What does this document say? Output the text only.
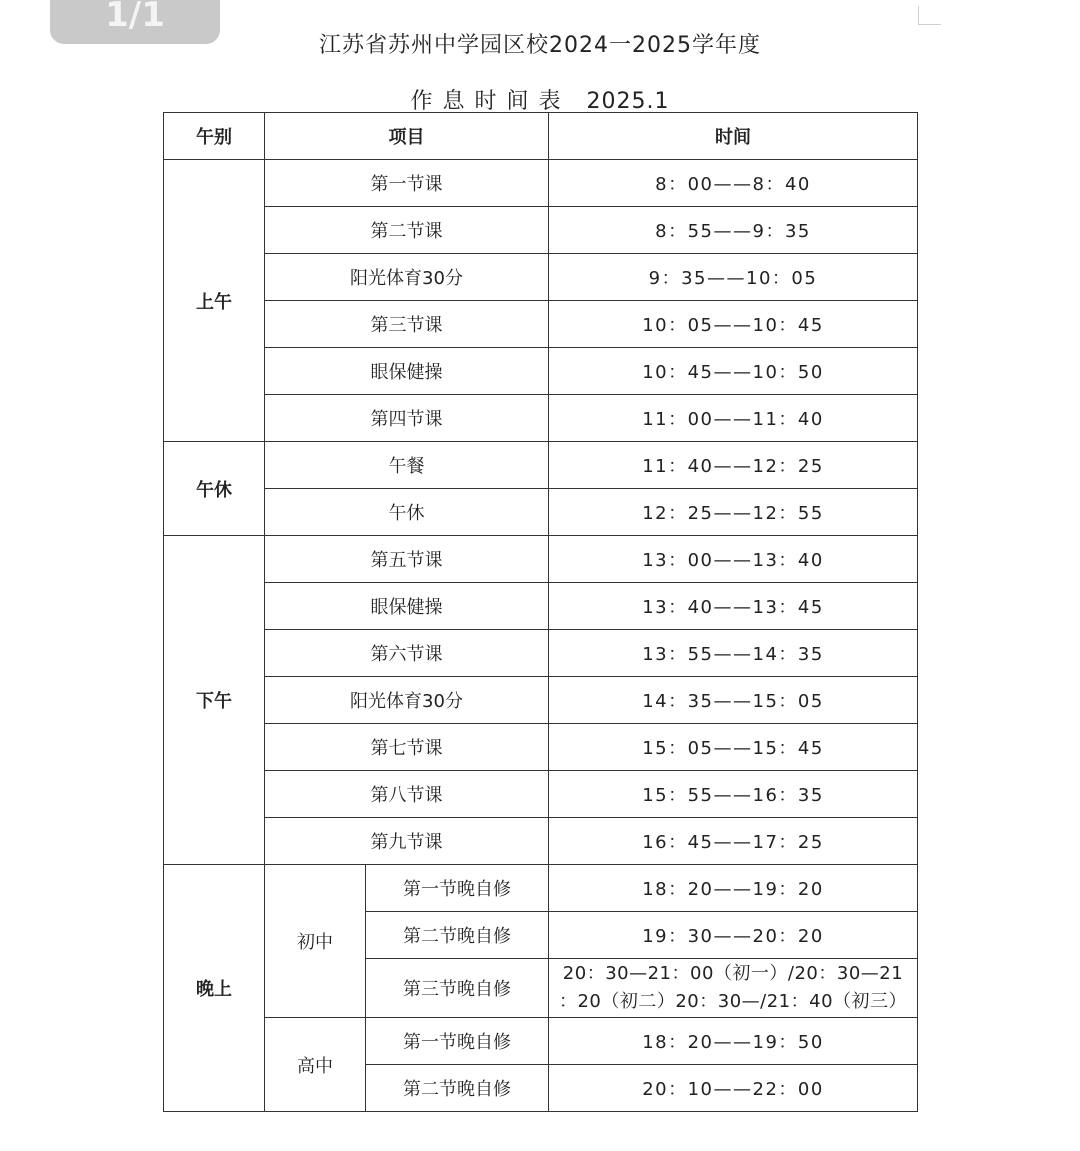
1/1
江苏省苏州中学园区校2024一2025学年度
作息时间表 2025.1
午别	项目		时间
上午	第一节课		8：00——8：40
	第二节课		8：55——9：35
	阳光体育30分		9：35——10：05
	第三节课		10：05——10：45
	眼保健操		10：45——10：50
	第四节课		11：00——11：40
午休	午餐		11：40——12：25
	午休		12：25——12：55
下午	第五节课		13：00——13：40
	眼保健操		13：40——13：45
	第六节课		13：55——14：35
	阳光体育30分		14：35——15：05
	第七节课		15：05——15：45
	第八节课		15：55——16：35
	第九节课		16：45——17：25
晚上	初中	第一节晚自修	18：20——19：20
		第二节晚自修	19：30——20：20
		第三节晚自修	20：30—21：00（初一）/20：30—21
：20（初二）20：30—/21：40（初三）

	高中	第一节晚自修	18：20——19：50
		第二节晚自修	20：10——22：00
